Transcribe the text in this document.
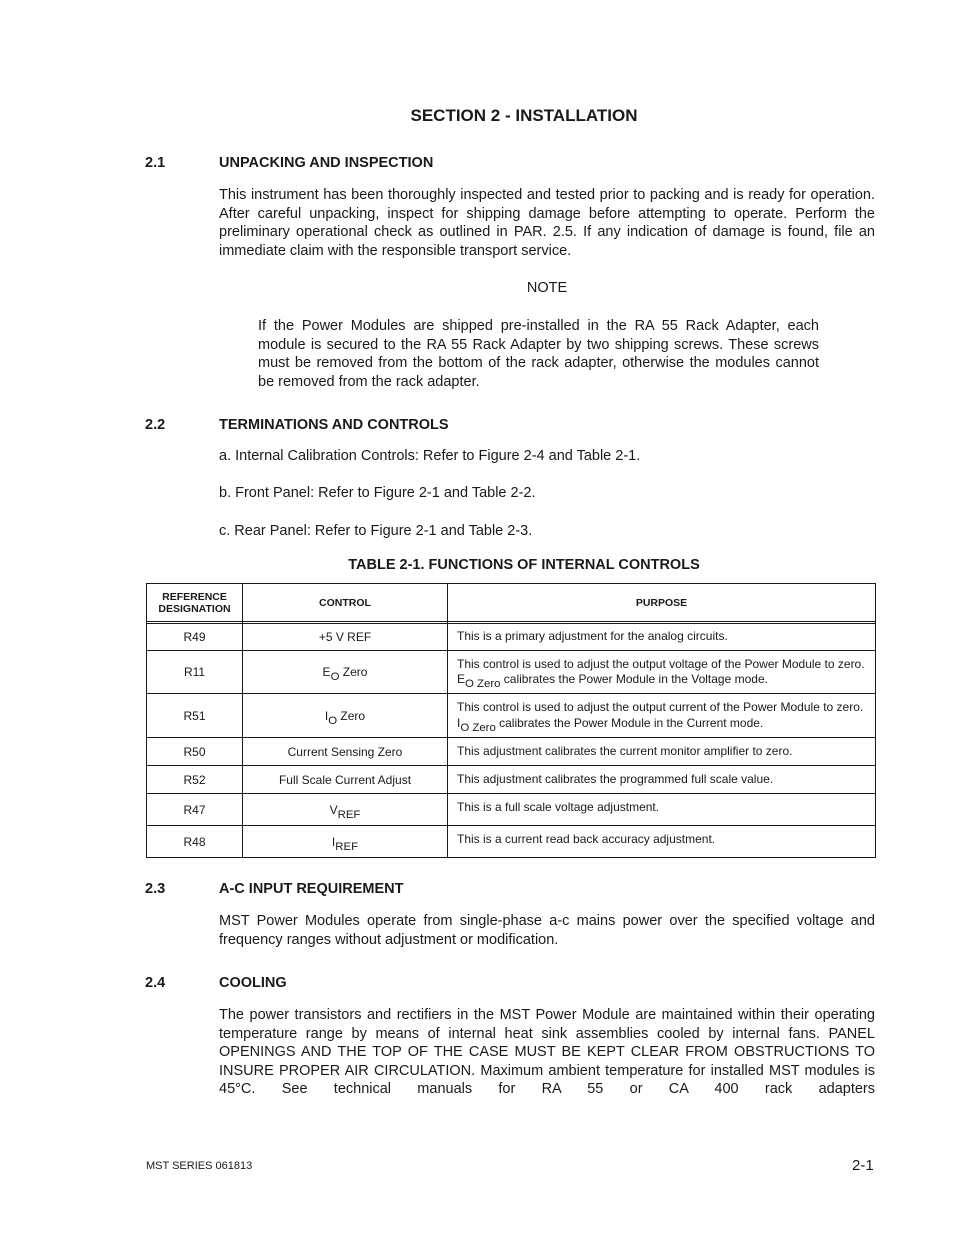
SECTION 2 - INSTALLATION
2.1	UNPACKING AND INSPECTION
This instrument has been thoroughly inspected and tested prior to packing and is ready for operation. After careful unpacking, inspect for shipping damage before attempting to operate. Perform the preliminary operational check as outlined in PAR. 2.5. If any indication of damage is found, file an immediate claim with the responsible transport service.
NOTE
If the Power Modules are shipped pre-installed in the RA 55 Rack Adapter, each module is secured to the RA 55 Rack Adapter by two shipping screws. These screws must be removed from the bottom of the rack adapter, otherwise the modules cannot be removed from the rack adapter.
2.2	TERMINATIONS AND CONTROLS
a. Internal Calibration Controls: Refer to Figure 2-4 and Table 2-1.
b. Front Panel: Refer to Figure 2-1 and Table 2-2.
c. Rear Panel: Refer to Figure 2-1 and Table 2-3.
TABLE 2-1. FUNCTIONS OF INTERNAL CONTROLS
REFERENCE
DESIGNATION	CONTROL	PURPOSE

R49	+5 V REF	This is a primary adjustment for the analog circuits.
R11	$E_O$ Zero	This control is used to adjust the output voltage of the Power Module to zero. $E_{O Zero}$ calibrates the Power Module in the Voltage mode.
R51	$I_O$ Zero	This control is used to adjust the output current of the Power Module to zero. $I_{O Zero}$ calibrates the Power Module in the Current mode.
R50	Current Sensing Zero	This adjustment calibrates the current monitor amplifier to zero.
R52	Full Scale Current Adjust	This adjustment calibrates the programmed full scale value.
R47	$V_{REF}$	This is a full scale voltage adjustment.
R48	$I_{REF}$	This is a current read back accuracy adjustment.
2.3	A-C INPUT REQUIREMENT
MST Power Modules operate from single-phase a-c mains power over the specified voltage and frequency ranges without adjustment or modification.
2.4	COOLING
The power transistors and rectifiers in the MST Power Module are maintained within their operating temperature range by means of internal heat sink assemblies cooled by internal fans. PANEL OPENINGS AND THE TOP OF THE CASE MUST BE KEPT CLEAR FROM OBSTRUCTIONS TO INSURE PROPER AIR CIRCULATION. Maximum ambient temperature for installed MST modules is 45°C. See technical manuals for RA 55 or CA 400 rack adapters
MST SERIES 061813	2-1
